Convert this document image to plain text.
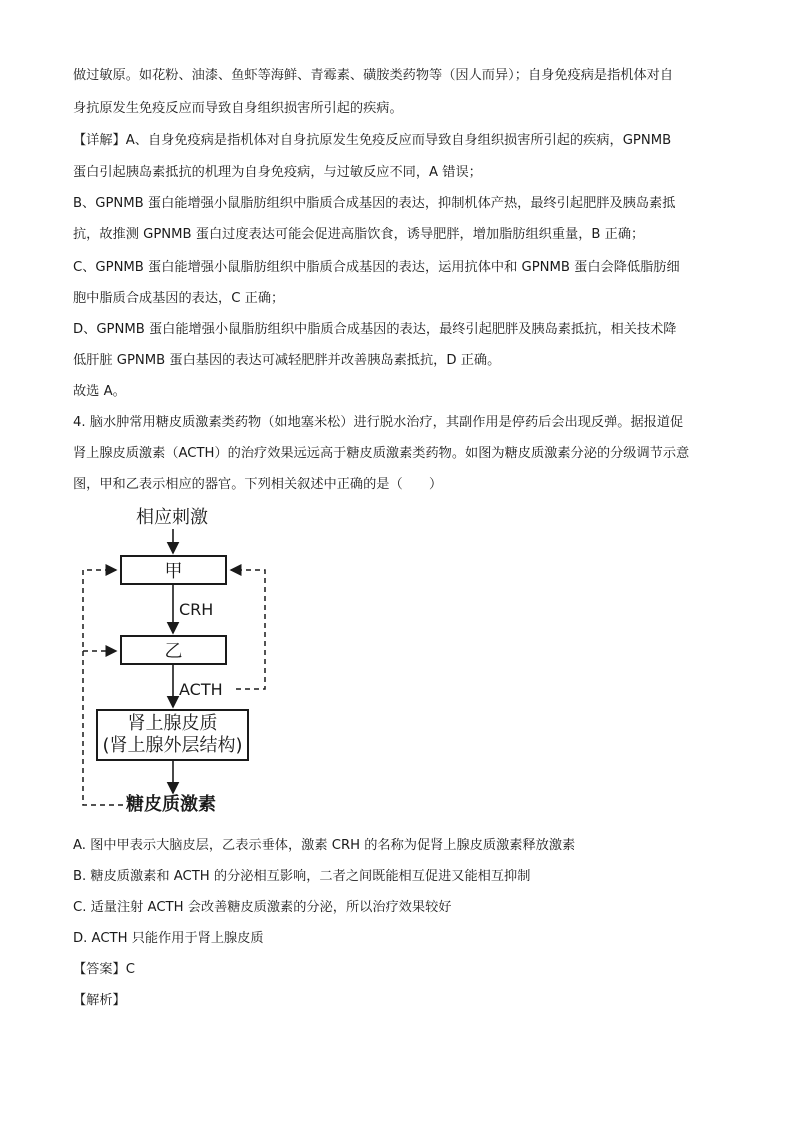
做过敏原。如花粉、油漆、鱼虾等海鲜、青霉素、磺胺类药物等（因人而异）；自身免疫病是指机体对自
身抗原发生免疫反应而导致自身组织损害所引起的疾病。
【详解】A、自身免疫病是指机体对自身抗原发生免疫反应而导致自身组织损害所引起的疾病，GPNMB
蛋白引起胰岛素抵抗的机理为自身免疫病，与过敏反应不同，A 错误；
B、GPNMB 蛋白能增强小鼠脂肪组织中脂质合成基因的表达，抑制机体产热，最终引起肥胖及胰岛素抵
抗，故推测 GPNMB 蛋白过度表达可能会促进高脂饮食，诱导肥胖，增加脂肪组织重量，B 正确；
C、GPNMB 蛋白能增强小鼠脂肪组织中脂质合成基因的表达，运用抗体中和 GPNMB 蛋白会降低脂肪细
胞中脂质合成基因的表达，C 正确；
D、GPNMB 蛋白能增强小鼠脂肪组织中脂质合成基因的表达，最终引起肥胖及胰岛素抵抗，相关技术降
低肝脏 GPNMB 蛋白基因的表达可减轻肥胖并改善胰岛素抵抗，D 正确。
故选 A。
4. 脑水肿常用糖皮质激素类药物（如地塞米松）进行脱水治疗，其副作用是停药后会出现反弹。据报道促
肾上腺皮质激素（ACTH）的治疗效果远远高于糖皮质激素类药物。如图为糖皮质激素分泌的分级调节示意
图，甲和乙表示相应的器官。下列相关叙述中正确的是（　　）
相应刺激
甲
CRH
乙
ACTH
肾上腺皮质
(肾上腺外层结构)
糖皮质激素
A. 图中甲表示大脑皮层，乙表示垂体，激素 CRH 的名称为促肾上腺皮质激素释放激素
B. 糖皮质激素和 ACTH 的分泌相互影响，二者之间既能相互促进又能相互抑制
C. 适量注射 ACTH 会改善糖皮质激素的分泌，所以治疗效果较好
D. ACTH 只能作用于肾上腺皮质
【答案】C
【解析】
